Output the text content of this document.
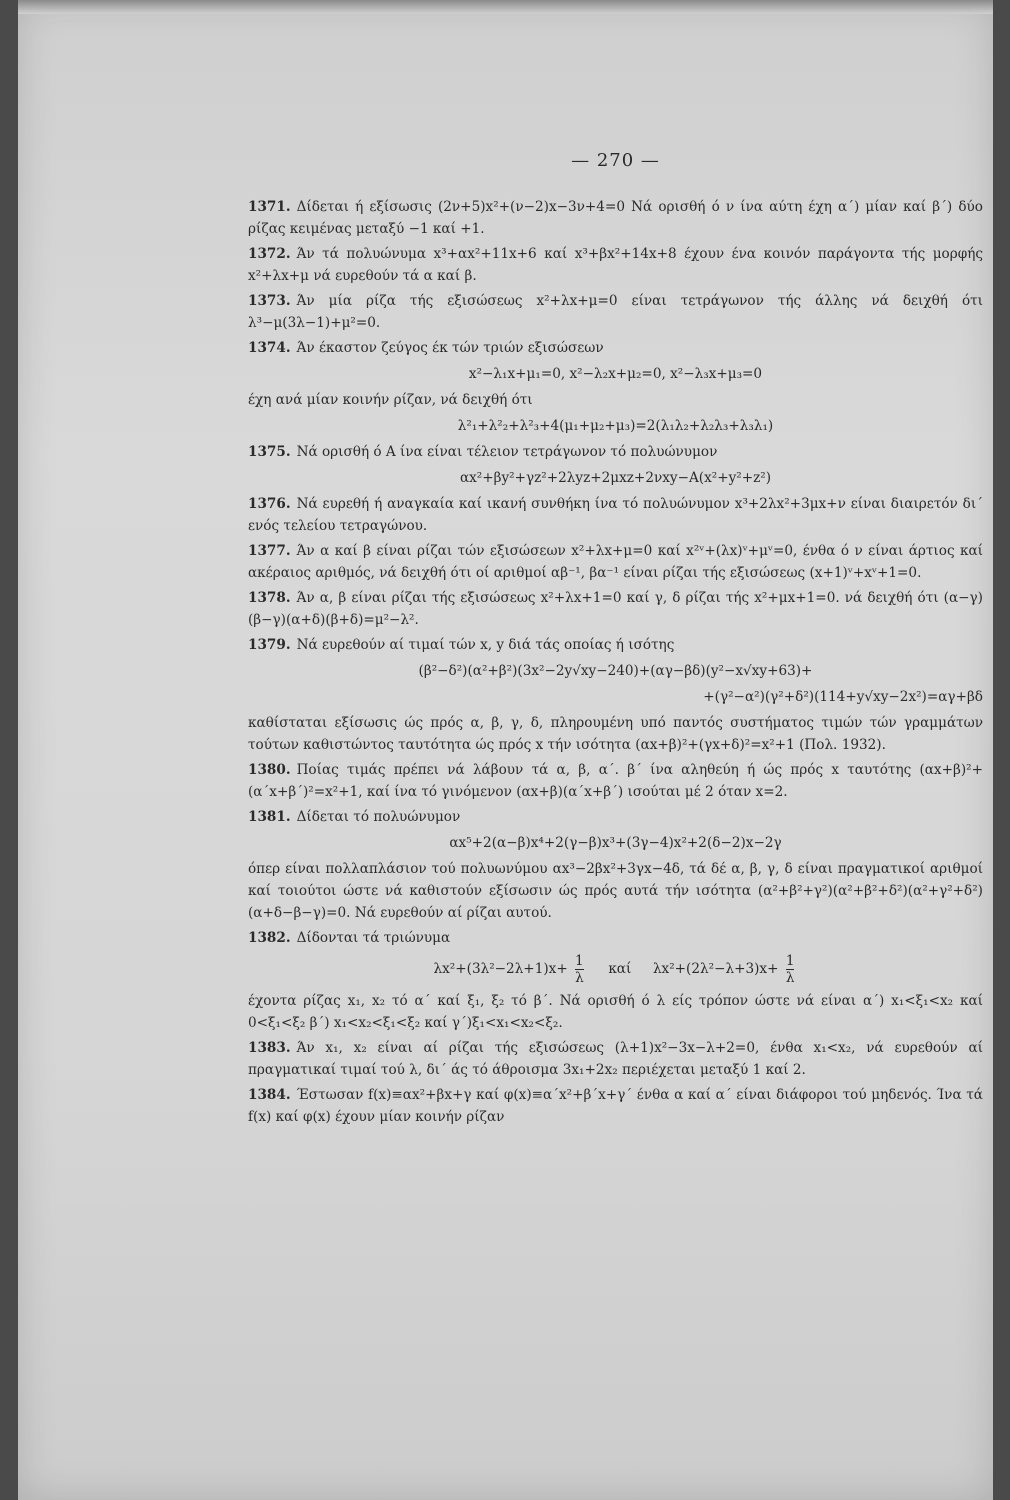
— 270 —
1371. Δίδεται ή εξίσωσις (2ν+5)x²+(ν−2)x−3ν+4=0 Νά ορισθή ό ν ίνα αύτη έχη α΄) μίαν καί β΄) δύο ρίζας κειμένας μεταξύ −1 καί +1.
1372. Άν τά πολυώνυμα x³+αx²+11x+6 καί x³+βx²+14x+8 έχουν ένα κοινόν παράγοντα τής μορφής x²+λx+μ νά ευρεθούν τά α καί β.
1373. Άν μία ρίζα τής εξισώσεως x²+λx+μ=0 είναι τετράγωνον τής άλλης νά δειχθή ότι λ³−μ(3λ−1)+μ²=0.
1374. Άν έκαστον ζεύγος έκ τών τριών εξισώσεων
x²−λ₁x+μ₁=0, x²−λ₂x+μ₂=0, x²−λ₃x+μ₃=0
έχη ανά μίαν κοινήν ρίζαν, νά δειχθή ότι
λ²₁+λ²₂+λ²₃+4(μ₁+μ₂+μ₃)=2(λ₁λ₂+λ₂λ₃+λ₃λ₁)
1375. Νά ορισθή ό Α ίνα είναι τέλειον τετράγωνον τό πολυώνυμον
αx²+βy²+γz²+2λyz+2μxz+2νxy−Α(x²+y²+z²)
1376. Νά ευρεθή ή αναγκαία καί ικανή συνθήκη ίνα τό πολυώνυμον x³+2λx²+3μx+ν είναι διαιρετόν δι΄ ενός τελείου τετραγώνου.
1377. Άν α καί β είναι ρίζαι τών εξισώσεων x²+λx+μ=0 καί x²ᵛ+(λx)ᵛ+μᵛ=0, ένθα ό ν είναι άρτιος καί ακέραιος αριθμός, νά δειχθή ότι οί αριθμοί αβ⁻¹, βα⁻¹ είναι ρίζαι τής εξισώσεως (x+1)ᵛ+xᵛ+1=0.
1378. Άν α, β είναι ρίζαι τής εξισώσεως x²+λx+1=0 καί γ, δ ρίζαι τής x²+μx+1=0. νά δειχθή ότι (α−γ)(β−γ)(α+δ)(β+δ)=μ²−λ².
1379. Νά ευρεθούν αί τιμαί τών x, y διά τάς οποίας ή ισότης
(β²−δ²)(α²+β²)(3x²−2y√xy−240)+(αγ−βδ)(y²−x√xy+63)+
+(γ²−α²)(γ²+δ²)(114+y√xy−2x²)=αγ+βδ
καθίσταται εξίσωσις ώς πρός α, β, γ, δ, πληρουμένη υπό παντός συστήματος τιμών τών γραμμάτων τούτων καθιστώντος ταυτότητα ώς πρός x τήν ισότητα (αx+β)²+(γx+δ)²=x²+1 (Πολ. 1932).
1380. Ποίας τιμάς πρέπει νά λάβουν τά α, β, α΄. β΄ ίνα αληθεύη ή ώς πρός x ταυτότης (αx+β)²+(α΄x+β΄)²=x²+1, καί ίνα τό γινόμενον (αx+β)(α΄x+β΄) ισούται μέ 2 όταν x=2.
1381. Δίδεται τό πολυώνυμον
αx⁵+2(α−β)x⁴+2(γ−β)x³+(3γ−4)x²+2(δ−2)x−2γ
όπερ είναι πολλαπλάσιον τού πολυωνύμου αx³−2βx²+3γx−4δ, τά δέ α, β, γ, δ είναι πραγματικοί αριθμοί καί τοιούτοι ώστε νά καθιστούν εξίσωσιν ώς πρός αυτά τήν ισότητα (α²+β²+γ²)(α²+β²+δ²)(α²+γ²+δ²)(α+δ−β−γ)=0. Νά ευρεθούν αί ρίζαι αυτού.
1382. Δίδονται τά τριώνυμα
$\lambda x^2+(3\lambda^2-2\lambda+1)x+ \frac{1}{\lambda}$ καί $\lambda x^2+(2\lambda^2-\lambda+3)x+ \frac{1}{\lambda}$
έχοντα ρίζας x₁, x₂ τό α΄ καί ξ₁, ξ₂ τό β΄. Νά ορισθή ό λ είς τρόπον ώστε νά είναι α΄) x₁<ξ₁<x₂ καί 0<ξ₁<ξ₂ β΄) x₁<x₂<ξ₁<ξ₂ καί γ΄)ξ₁<x₁<x₂<ξ₂.
1383. Άν x₁, x₂ είναι αί ρίζαι τής εξισώσεως (λ+1)x²−3x−λ+2=0, ένθα x₁<x₂, νά ευρεθούν αί πραγματικαί τιμαί τού λ, δι΄ άς τό άθροισμα 3x₁+2x₂ περιέχεται μεταξύ 1 καί 2.
1384. Έστωσαν f(x)≡αx²+βx+γ καί φ(x)≡α΄x²+β΄x+γ΄ ένθα α καί α΄ είναι διάφοροι τού μηδενός. Ίνα τά f(x) καί φ(x) έχουν μίαν κοινήν ρίζαν
